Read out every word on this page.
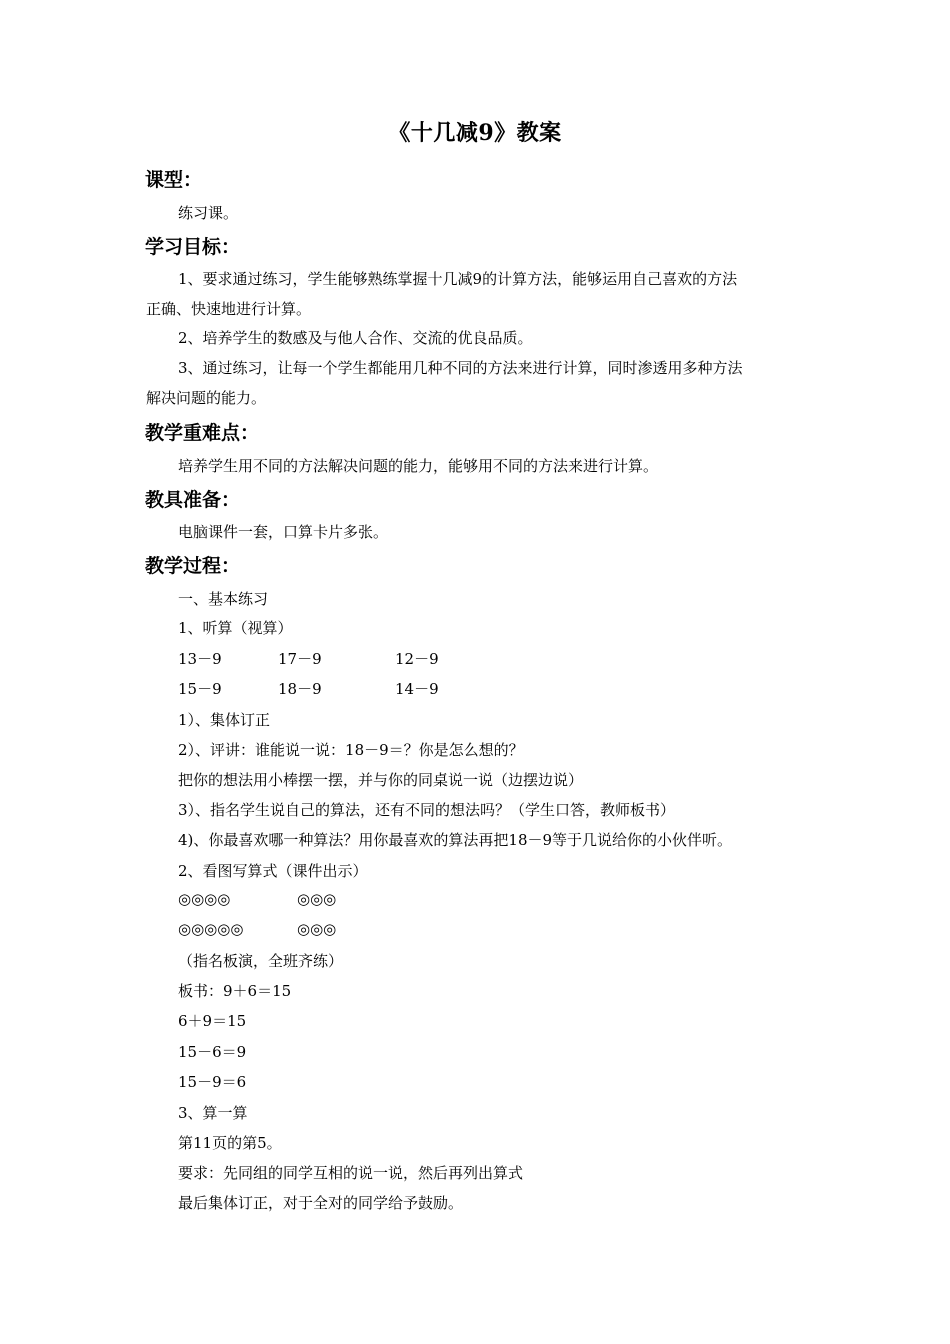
《十几减9》教案
课型：
练习课。
学习目标：
1、要求通过练习，学生能够熟练掌握十几减9的计算方法，能够运用自己喜欢的方法
正确、快速地进行计算。
2、培养学生的数感及与他人合作、交流的优良品质。
3、通过练习，让每一个学生都能用几种不同的方法来进行计算，同时渗透用多种方法
解决问题的能力。
教学重难点：
培养学生用不同的方法解决问题的能力，能够用不同的方法来进行计算。
教具准备：
电脑课件一套，口算卡片多张。
教学过程：
一、基本练习
1、听算（视算）
13－9	17－9	12－9
15－9	18－9	14－9
1）、集体订正
2）、评讲：谁能说一说：18－9＝？你是怎么想的？
把你的想法用小棒摆一摆，并与你的同桌说一说（边摆边说）
3）、指名学生说自己的算法，还有不同的想法吗？（学生口答，教师板书）
4)、你最喜欢哪一种算法？用你最喜欢的算法再把18－9等于几说给你的小伙伴听。
2、看图写算式（课件出示）
◎◎◎◎	◎◎◎
◎◎◎◎◎	◎◎◎
（指名板演，全班齐练）
板书：9＋6＝15
6＋9＝15
15－6＝9
15－9＝6
3、算一算
第11页的第5。
要求：先同组的同学互相的说一说，然后再列出算式
最后集体订正，对于全对的同学给予鼓励。
